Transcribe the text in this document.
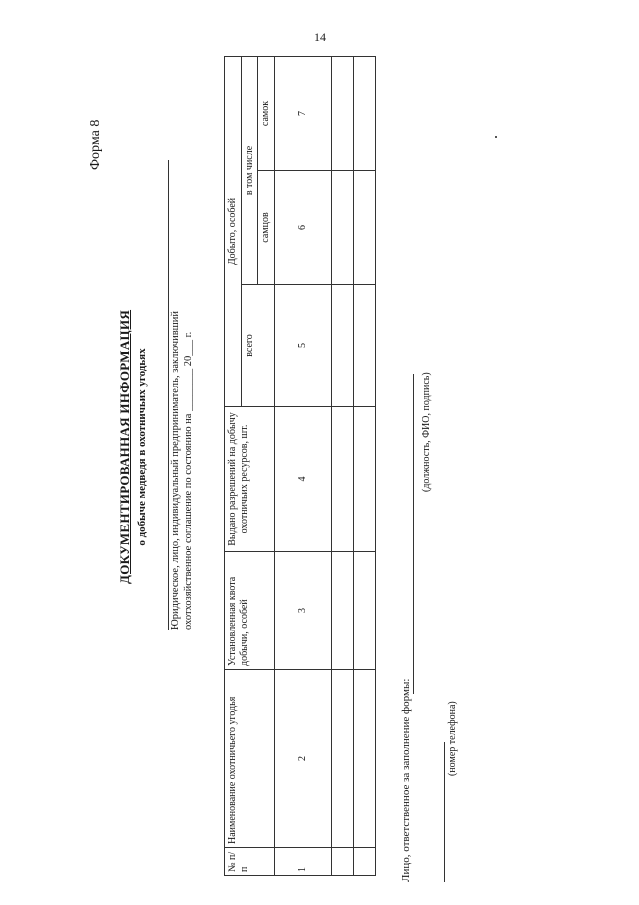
14
Форма 8
ДОКУМЕНТИРОВАННАЯ ИНФОРМАЦИЯ о добыче медведя в охотничьих угодьях Юридическое, лицо, индивидуальный предприниматель, заключивший охотхозяйственное соглашение по состоянию на ________ 20___ г.
№ п/п	Наименование охотничьего угодья	Установленная квота добычи, особей	Выдано разрешений на добычу охотничьих ресурсов, шт.	Добыто, особей		
				всего	в том числе	
					самцов	самок
1	2	3	4	5	6	7

Лицо, ответственное за заполнение формы:
(должность, ФИО, подпись)
(номер телефона)
